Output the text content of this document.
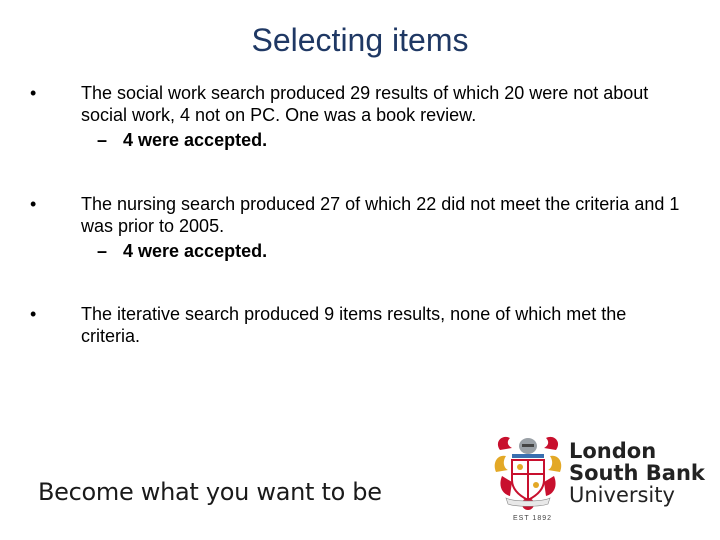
Selecting items
•	The social work search produced 29 results of which 20 were not about social work, 4 not on PC. One was a book review.
– 4 were accepted.
•	The nursing search produced 27 of which 22 did not meet the criteria and 1 was prior to 2005.
– 4 were accepted.
•	The iterative search produced 9 items results, none of which met the criteria.
Become what you want to be
London
South Bank
University
EST 1892
